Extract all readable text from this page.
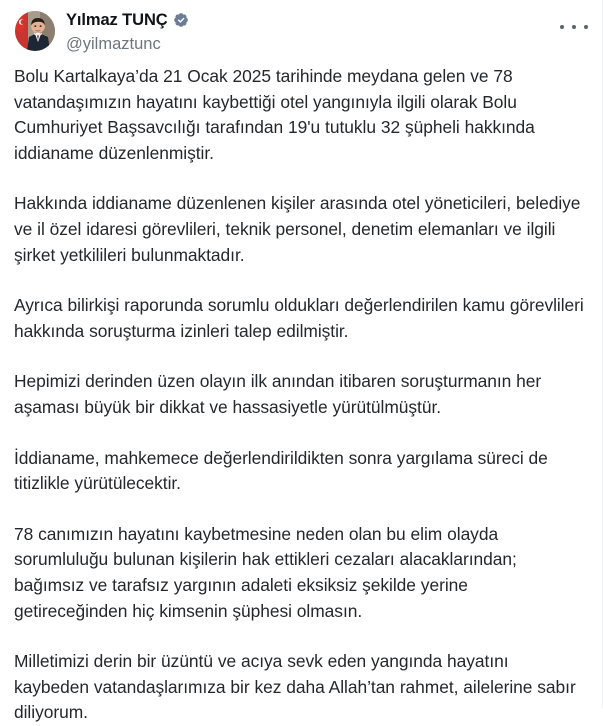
Yılmaz TUNÇ
@yilmaztunc

Bolu Kartalkaya’da 21 Ocak 2025 tarihinde meydana gelen ve 78 vatandaşımızın hayatını kaybettiği otel yangınıyla ilgili olarak Bolu Cumhuriyet Başsavcılığı tarafından 19'u tutuklu 32 şüpheli hakkında iddianame düzenlenmiştir.

Hakkında iddianame düzenlenen kişiler arasında otel yöneticileri, belediye ve il özel idaresi görevlileri, teknik personel, denetim elemanları ve ilgili şirket yetkilileri bulunmaktadır.

Ayrıca bilirkişi raporunda sorumlu oldukları değerlendirilen kamu görevlileri hakkında soruşturma izinleri talep edilmiştir.

Hepimizi derinden üzen olayın ilk anından itibaren soruşturmanın her aşaması büyük bir dikkat ve hassasiyetle yürütülmüştür.

İddianame, mahkemece değerlendirildikten sonra yargılama süreci de titizlikle yürütülecektir.

78 canımızın hayatını kaybetmesine neden olan bu elim olayda sorumluluğu bulunan kişilerin hak ettikleri cezaları alacaklarından; bağımsız ve tarafsız yargının adaleti eksiksiz şekilde yerine getireceğinden hiç kimsenin şüphesi olmasın.

Milletimizi derin bir üzüntü ve acıya sevk eden yangında hayatını kaybeden vatandaşlarımıza bir kez daha Allah’tan rahmet, ailelerine sabır diliyorum.
